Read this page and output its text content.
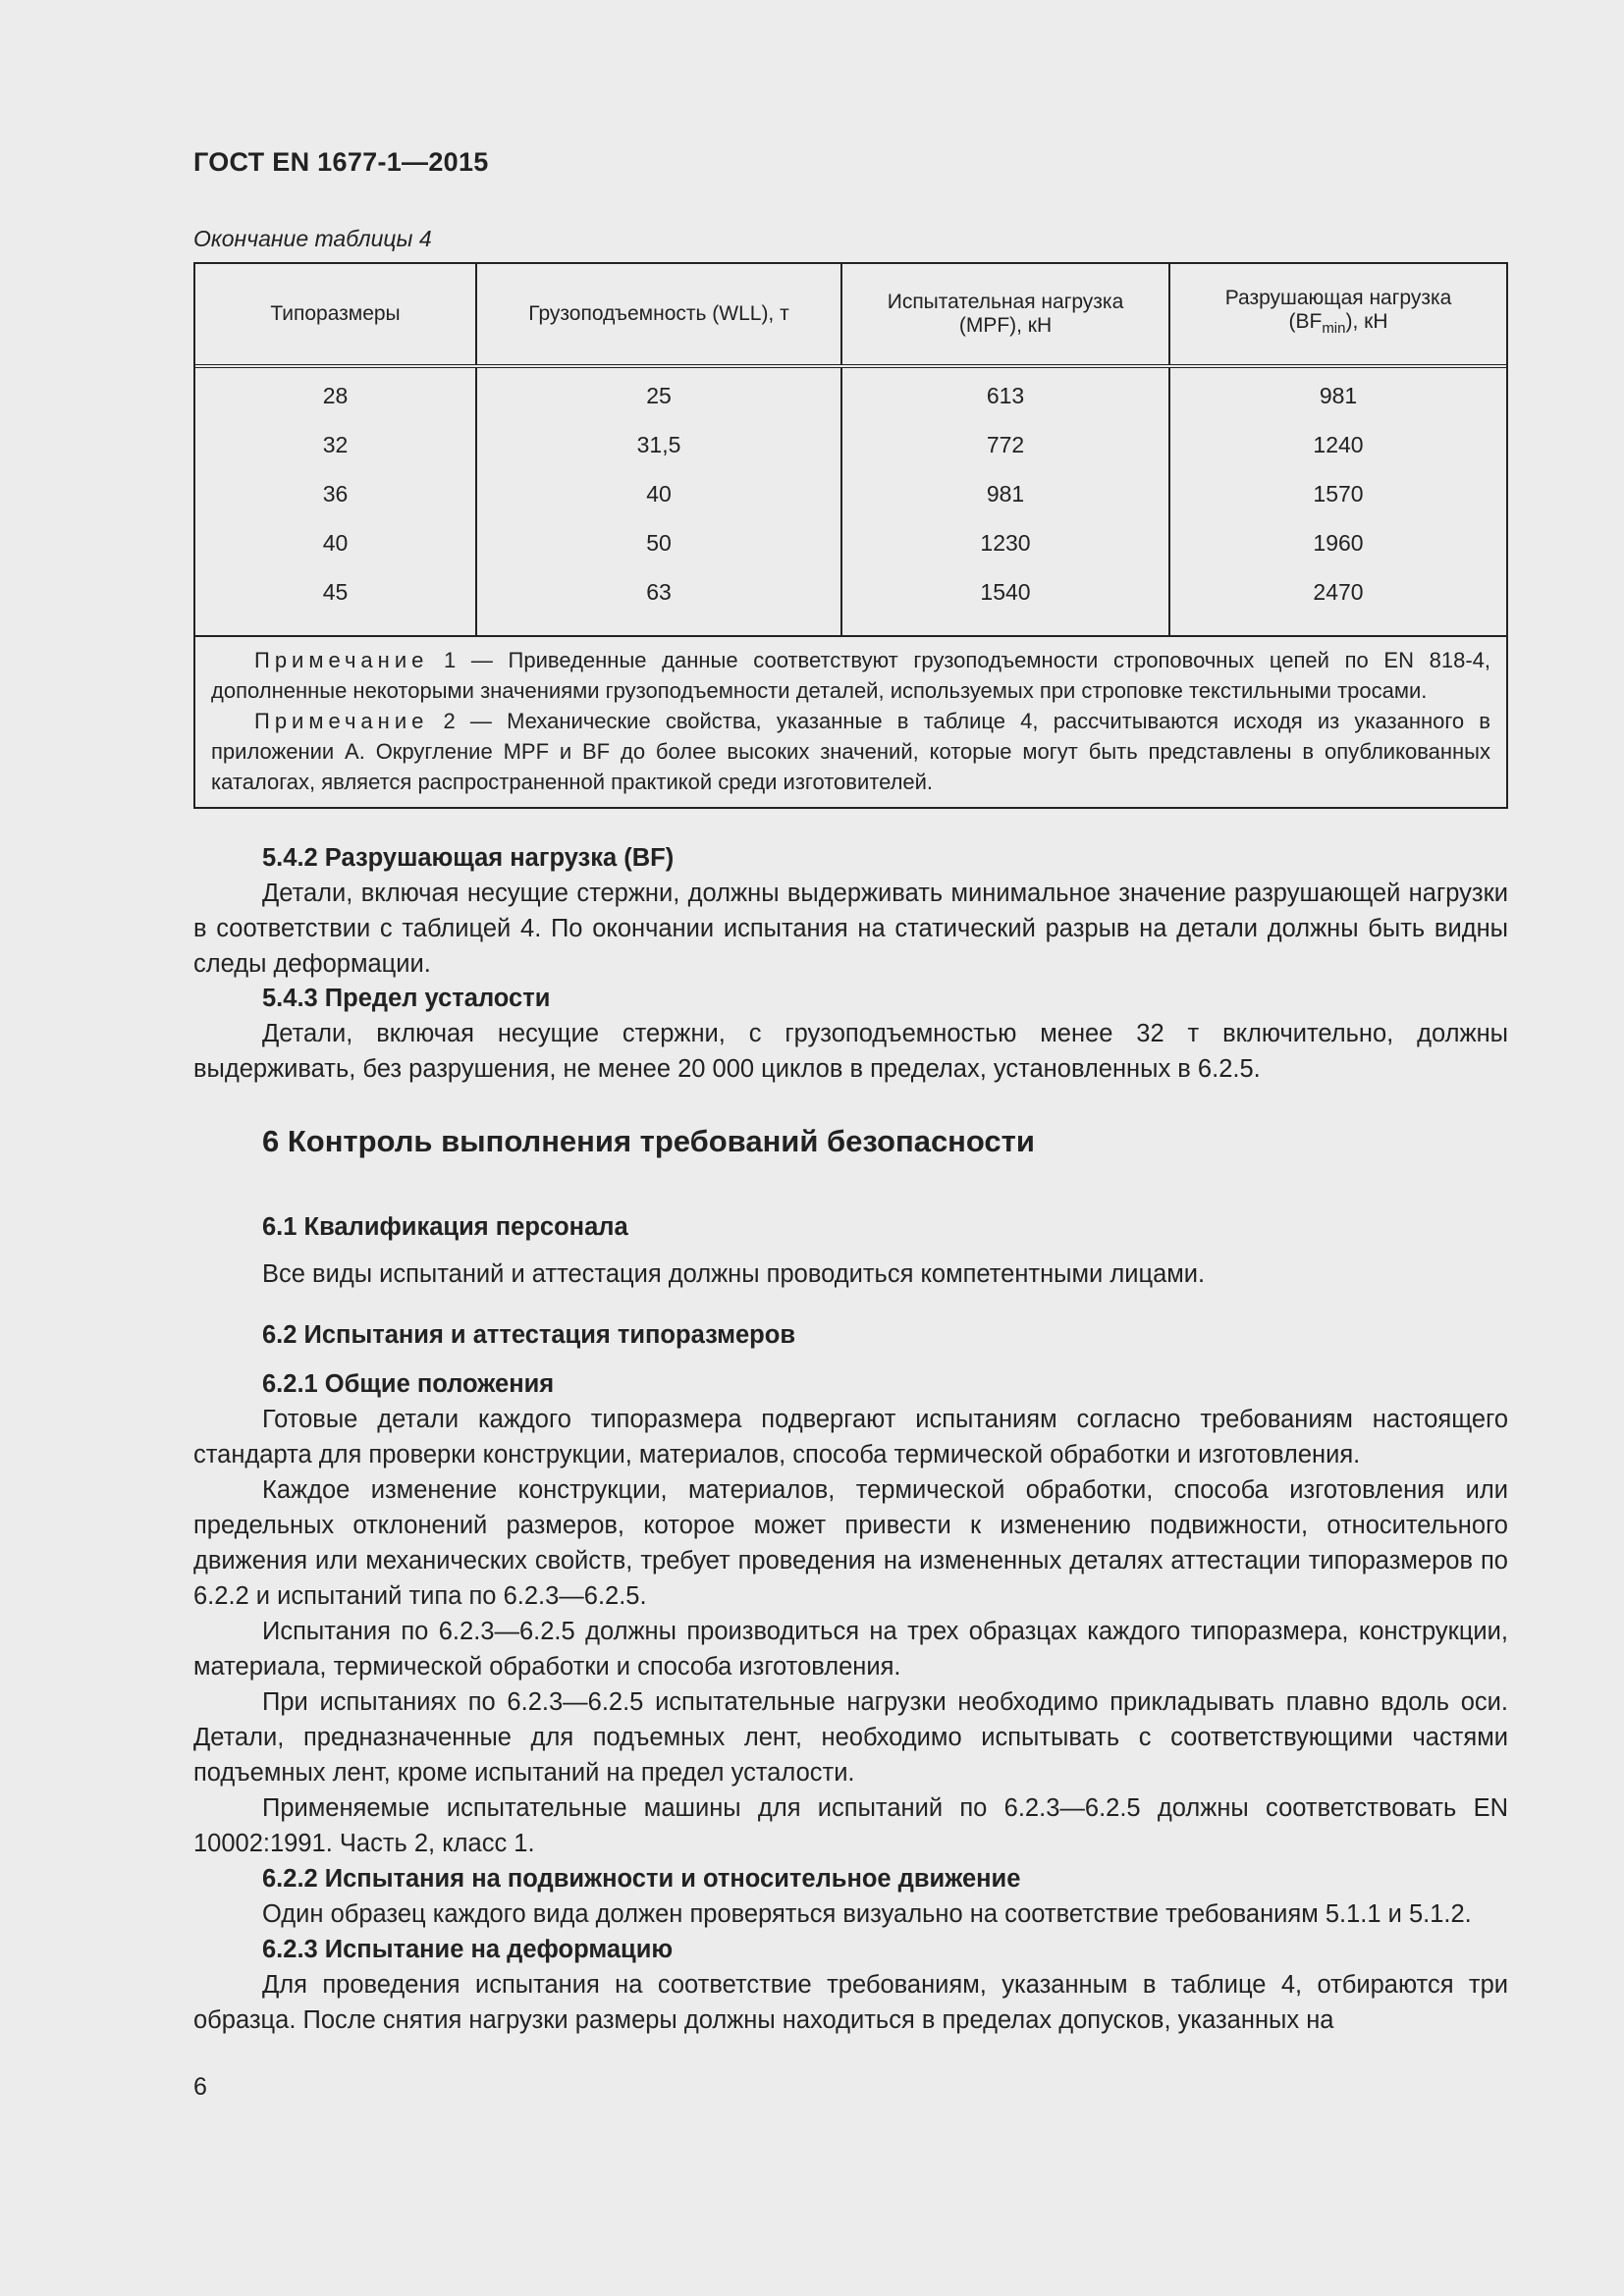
ГОСТ EN 1677-1—2015
Окончание таблицы 4
Типоразмеры	Грузоподъемность (WLL), т
Испытательная нагрузка (MPF), кН
Разрушающая нагрузка $(BF_{min})$, кН
28
32
36
40
45
25
31,5
40
50
63
613
772
981
1230
1540
981
1240
1570
1960
2470

Примечание 1 — Приведенные данные соответствуют грузоподъемности строповочных цепей по EN 818-4, дополненные некоторыми значениями грузоподъемности деталей, используемых при строповке текстильными тросами.

Примечание 2 — Механические свойства, указанные в таблице 4, рассчитываются исходя из указанного в приложении А. Округление MPF и BF до более высоких значений, которые могут быть представлены в опубликованных каталогах, является распространенной практикой среди изготовителей.

5.4.2 Разрушающая нагрузка (BF)

Детали, включая несущие стержни, должны выдерживать минимальное значение разрушающей нагрузки в соответствии с таблицей 4. По окончании испытания на статический разрыв на детали должны быть видны следы деформации.

5.4.3 Предел усталости

Детали, включая несущие стержни, с грузоподъемностью менее 32 т включительно, должны выдерживать, без разрушения, не менее 20 000 циклов в пределах, установленных в 6.2.5.

6 Контроль выполнения требований безопасности

6.1 Квалификация персонала

Все виды испытаний и аттестация должны проводиться компетентными лицами.

6.2 Испытания и аттестация типоразмеров

6.2.1 Общие положения

Готовые детали каждого типоразмера подвергают испытаниям согласно требованиям настоящего стандарта для проверки конструкции, материалов, способа термической обработки и изготовления.

Каждое изменение конструкции, материалов, термической обработки, способа изготовления или предельных отклонений размеров, которое может привести к изменению подвижности, относительного движения или механических свойств, требует проведения на измененных деталях аттестации типоразмеров по 6.2.2 и испытаний типа по 6.2.3—6.2.5.

Испытания по 6.2.3—6.2.5 должны производиться на трех образцах каждого типоразмера, конструкции, материала, термической обработки и способа изготовления.

При испытаниях по 6.2.3—6.2.5 испытательные нагрузки необходимо прикладывать плавно вдоль оси. Детали, предназначенные для подъемных лент, необходимо испытывать с соответствующими частями подъемных лент, кроме испытаний на предел усталости.

Применяемые испытательные машины для испытаний по 6.2.3—6.2.5 должны соответствовать EN 10002:1991. Часть 2, класс 1.

6.2.2 Испытания на подвижности и относительное движение

Один образец каждого вида должен проверяться визуально на соответствие требованиям 5.1.1 и 5.1.2.

6.2.3 Испытание на деформацию

Для проведения испытания на соответствие требованиям, указанным в таблице 4, отбираются три образца. После снятия нагрузки размеры должны находиться в пределах допусков, указанных на

6
